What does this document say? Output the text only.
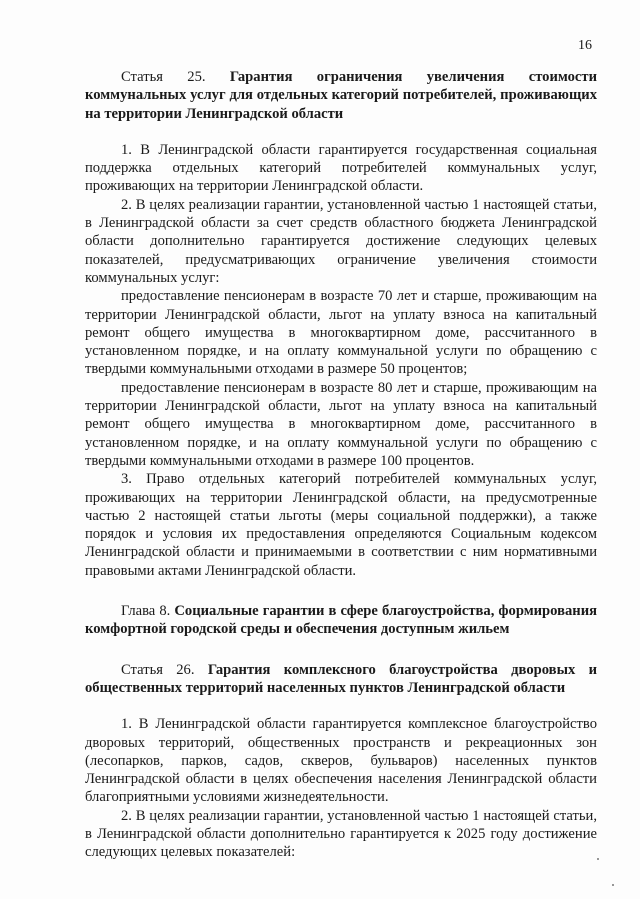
16

Статья 25. Гарантия ограничения увеличения стоимости коммунальных услуг для отдельных категорий потребителей, проживающих на территории Ленинградской области

1. В Ленинградской области гарантируется государственная социальная поддержка отдельных категорий потребителей коммунальных услуг, проживающих на территории Ленинградской области.

2. В целях реализации гарантии, установленной частью 1 настоящей статьи, в Ленинградской области за счет средств областного бюджета Ленинградской области дополнительно гарантируется достижение следующих целевых показателей, предусматривающих ограничение увеличения стоимости коммунальных услуг:

предоставление пенсионерам в возрасте 70 лет и старше, проживающим на территории Ленинградской области, льгот на уплату взноса на капитальный ремонт общего имущества в многоквартирном доме, рассчитанного в установленном порядке, и на оплату коммунальной услуги по обращению с твердыми коммунальными отходами в размере 50 процентов;

предоставление пенсионерам в возрасте 80 лет и старше, проживающим на территории Ленинградской области, льгот на уплату взноса на капитальный ремонт общего имущества в многоквартирном доме, рассчитанного в установленном порядке, и на оплату коммунальной услуги по обращению с твердыми коммунальными отходами в размере 100 процентов.

3. Право отдельных категорий потребителей коммунальных услуг, проживающих на территории Ленинградской области, на предусмотренные частью 2 настоящей статьи льготы (меры социальной поддержки), а также порядок и условия их предоставления определяются Социальным кодексом Ленинградской области и принимаемыми в соответствии с ним нормативными правовыми актами Ленинградской области.

Глава 8. Социальные гарантии в сфере благоустройства, формирования комфортной городской среды и обеспечения доступным жильем

Статья 26. Гарантия комплексного благоустройства дворовых и общественных территорий населенных пунктов Ленинградской области

1. В Ленинградской области гарантируется комплексное благоустройство дворовых территорий, общественных пространств и рекреационных зон (лесопарков, парков, садов, скверов, бульваров) населенных пунктов Ленинградской области в целях обеспечения населения Ленинградской области благоприятными условиями жизнедеятельности.

2. В целях реализации гарантии, установленной частью 1 настоящей статьи, в Ленинградской области дополнительно гарантируется к 2025 году достижение следующих целевых показателей:
